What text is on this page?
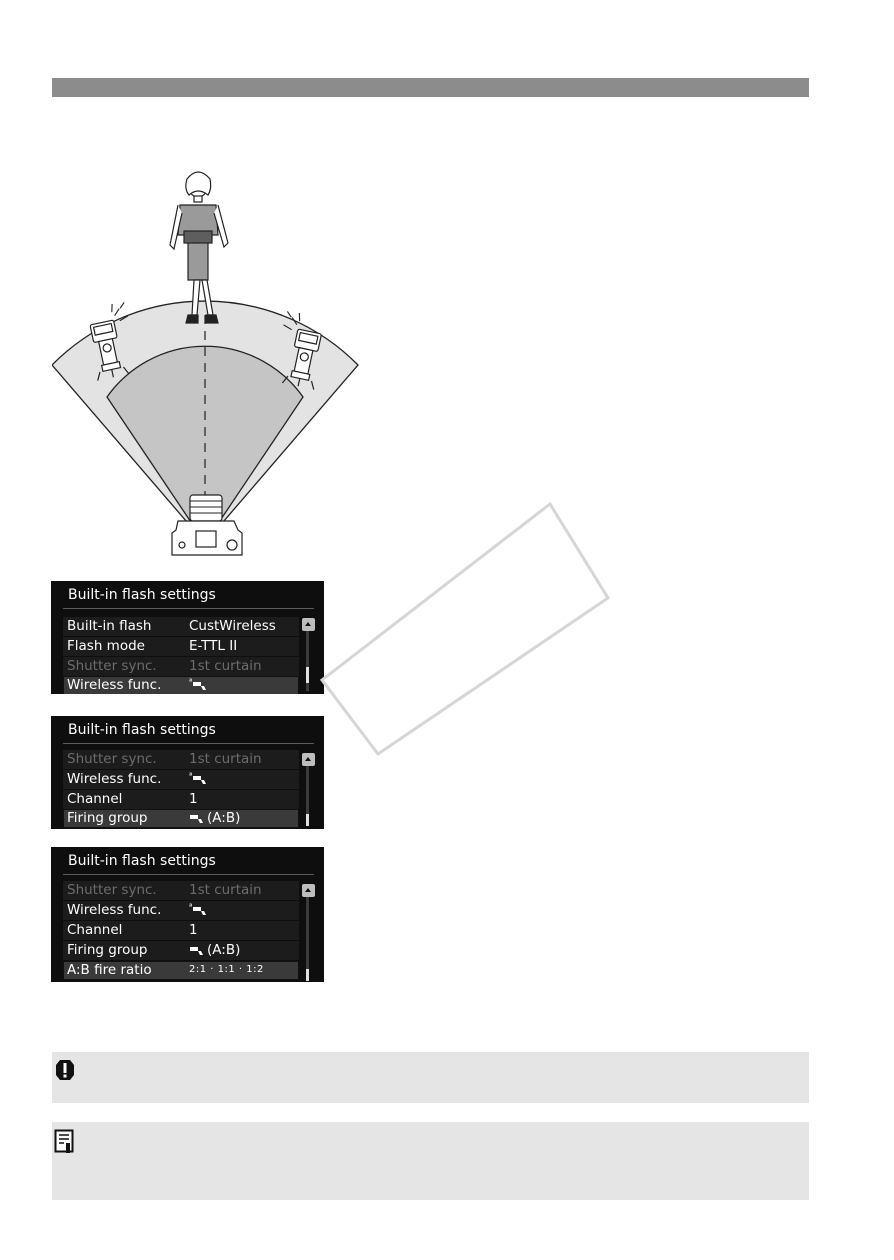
Built-in flash settings
Built-in flash	CustWireless
Flash mode	E-TTL II
Shutter sync. 1st curtain
Wireless func.	$^ª$
Built-in flash settings
Shutter sync. 1st curtain
Wireless func.	$^ª$
Channel	1
Firing group	(A:B)
Built-in flash settings
Shutter sync. 1st curtain
Wireless func.	$^ª$
Channel	1
Firing group	(A:B)
A:B fire ratio	2:1 · 1:1 · 1:2
